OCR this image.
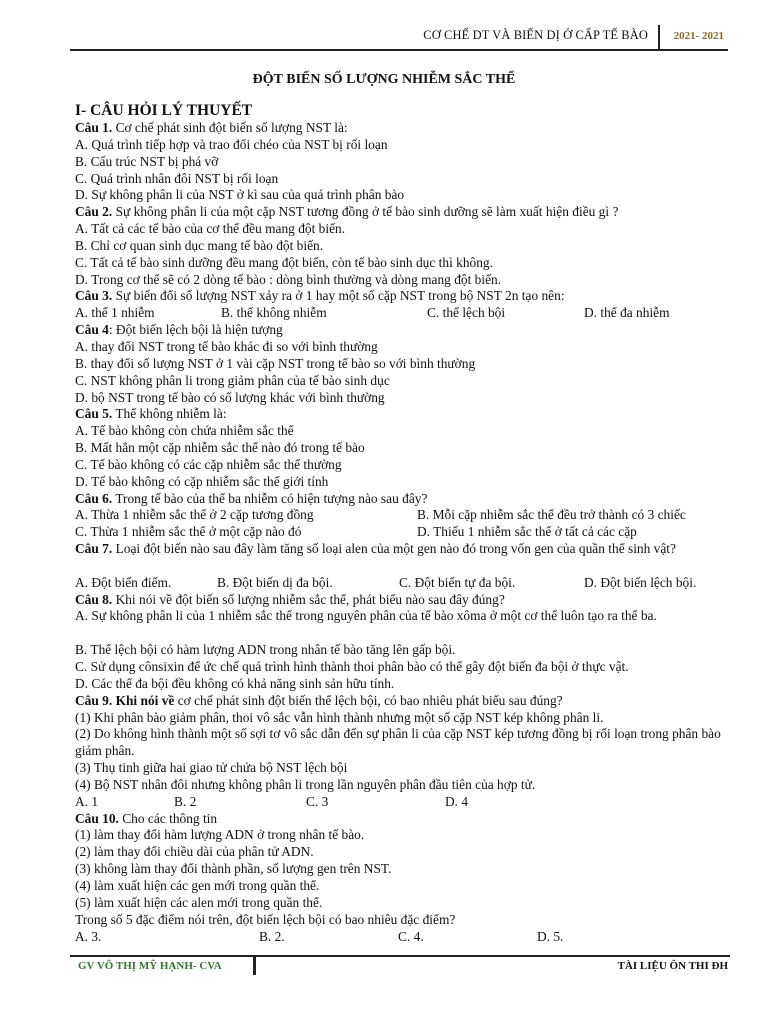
CƠ CHẾ DT VÀ BIẾN DỊ Ở CẤP TẾ BÀO 2021- 2021
ĐỘT BIẾN SỐ LƯỢNG NHIỄM SẮC THỂ
I- CÂU HỎI LÝ THUYẾT
Câu 1. Cơ chế phát sinh đột biến số lượng NST là:
A. Quá trình tiếp hợp và trao đổi chéo của NST bị rối loạn
B. Cấu trúc NST bị phá vỡ
C. Quá trình nhân đôi NST bị rối loạn
D. Sự không phân li của NST ở kì sau của quá trình phân bào
Câu 2. Sự không phân li của một cặp NST tương đồng ở tế bào sinh dưỡng sẽ làm xuất hiện điều gì ?
A. Tất cả các tế bào của cơ thể đều mang đột biến.
B. Chỉ cơ quan sinh dục mang tế bào đột biến.
C. Tất cả tế bào sinh dưỡng đều mang đột biến, còn tế bào sinh dục thì không.
D. Trong cơ thể sẽ có 2 dòng tế bào : dòng bình thường và dòng mang đột biến.
Câu 3. Sự biến đổi số lượng NST xảy ra ở 1 hay một số cặp NST trong bộ NST 2n tạo nên:
A. thể 1 nhiễm	B. thể không nhiễm	C. thể lệch bội	D. thể đa nhiễm
Câu 4: Đột biến lệch bội là hiện tượng
A. thay đổi NST trong tế bào khác đi so với bình thường
B. thay đổi số lượng NST ở 1 vài cặp NST trong tế bào so với bình thường
C. NST không phân li trong giảm phân của tế bào sinh dục
D. bộ NST trong tế bào có số lượng khác với bình thường
Câu 5. Thể không nhiễm là:
A. Tế bào không còn chứa nhiễm sắc thể
B. Mất hẳn một cặp nhiễm sắc thể nào đó trong tế bào
C. Tế bào không có các cặp nhiễm sắc thể thường
D. Tế bào không có cặp nhiễm sắc thể giới tính
Câu 6. Trong tế bào của thể ba nhiễm có hiện tượng nào sau đây?
A. Thừa 1 nhiễm sắc thể ở 2 cặp tương đồng	B. Mỗi cặp nhiễm sắc thể đều trở thành có 3 chiếc
C. Thừa 1 nhiễm sắc thể ở một cặp nào đó	D. Thiếu 1 nhiễm sắc thể ở tất cả các cặp
Câu 7. Loại đột biến nào sau đây làm tăng số loại alen của một gen nào đó trong vốn gen của quần thể sinh vật?
A. Đột biến điểm.	B. Đột biến dị đa bội.	C. Đột biến tự đa bội.	D. Đột biến lệch bội.
Câu 8. Khi nói về đột biến số lượng nhiễm sắc thể, phát biểu nào sau đây đúng?
A. Sự không phân li của 1 nhiễm sắc thể trong nguyên phân của tế bào xôma ở một cơ thể luôn tạo ra thể ba.
B. Thể lệch bội có hàm lượng ADN trong nhân tế bào tăng lên gấp bội.
C. Sử dụng cônsixin để ức chế quá trình hình thành thoi phân bào có thể gây đột biến đa bội ở thực vật.
D. Các thể đa bội đều không có khả năng sinh sản hữu tính.
Câu 9. Khi nói về cơ chế phát sinh đột biến thể lệch bội, có bao nhiêu phát biểu sau đúng?
(1) Khi phân bào giảm phân, thoi vô sắc vẫn hình thành nhưng một số cặp NST kép không phân li.
(2) Do không hình thành một số sợi tơ vô sắc dẫn đến sự phân li của cặp NST kép tương đồng bị rối loạn trong phân bào giảm phân.
(3) Thụ tinh giữa hai giao tử chứa bộ NST lệch bội
(4) Bộ NST nhân đôi nhưng không phân li trong lần nguyên phân đầu tiên của hợp tử.
A. 1	B. 2	C. 3	D. 4
Câu 10. Cho các thông tin
(1) làm thay đổi hàm lượng ADN ở trong nhân tế bào.
(2) làm thay đổi chiều dài của phân tử ADN.
(3) không làm thay đổi thành phần, số lượng gen trên NST.
(4) làm xuất hiện các gen mới trong quần thể.
(5) làm xuất hiện các alen mới trong quần thể.
Trong số 5 đặc điểm nói trên, đột biến lệch bội có bao nhiêu đặc điểm?
A. 3.	B. 2.	C. 4.	D. 5.
GV VÕ THỊ MỸ HẠNH- CVA	TÀI LIỆU ÔN THI ĐH
